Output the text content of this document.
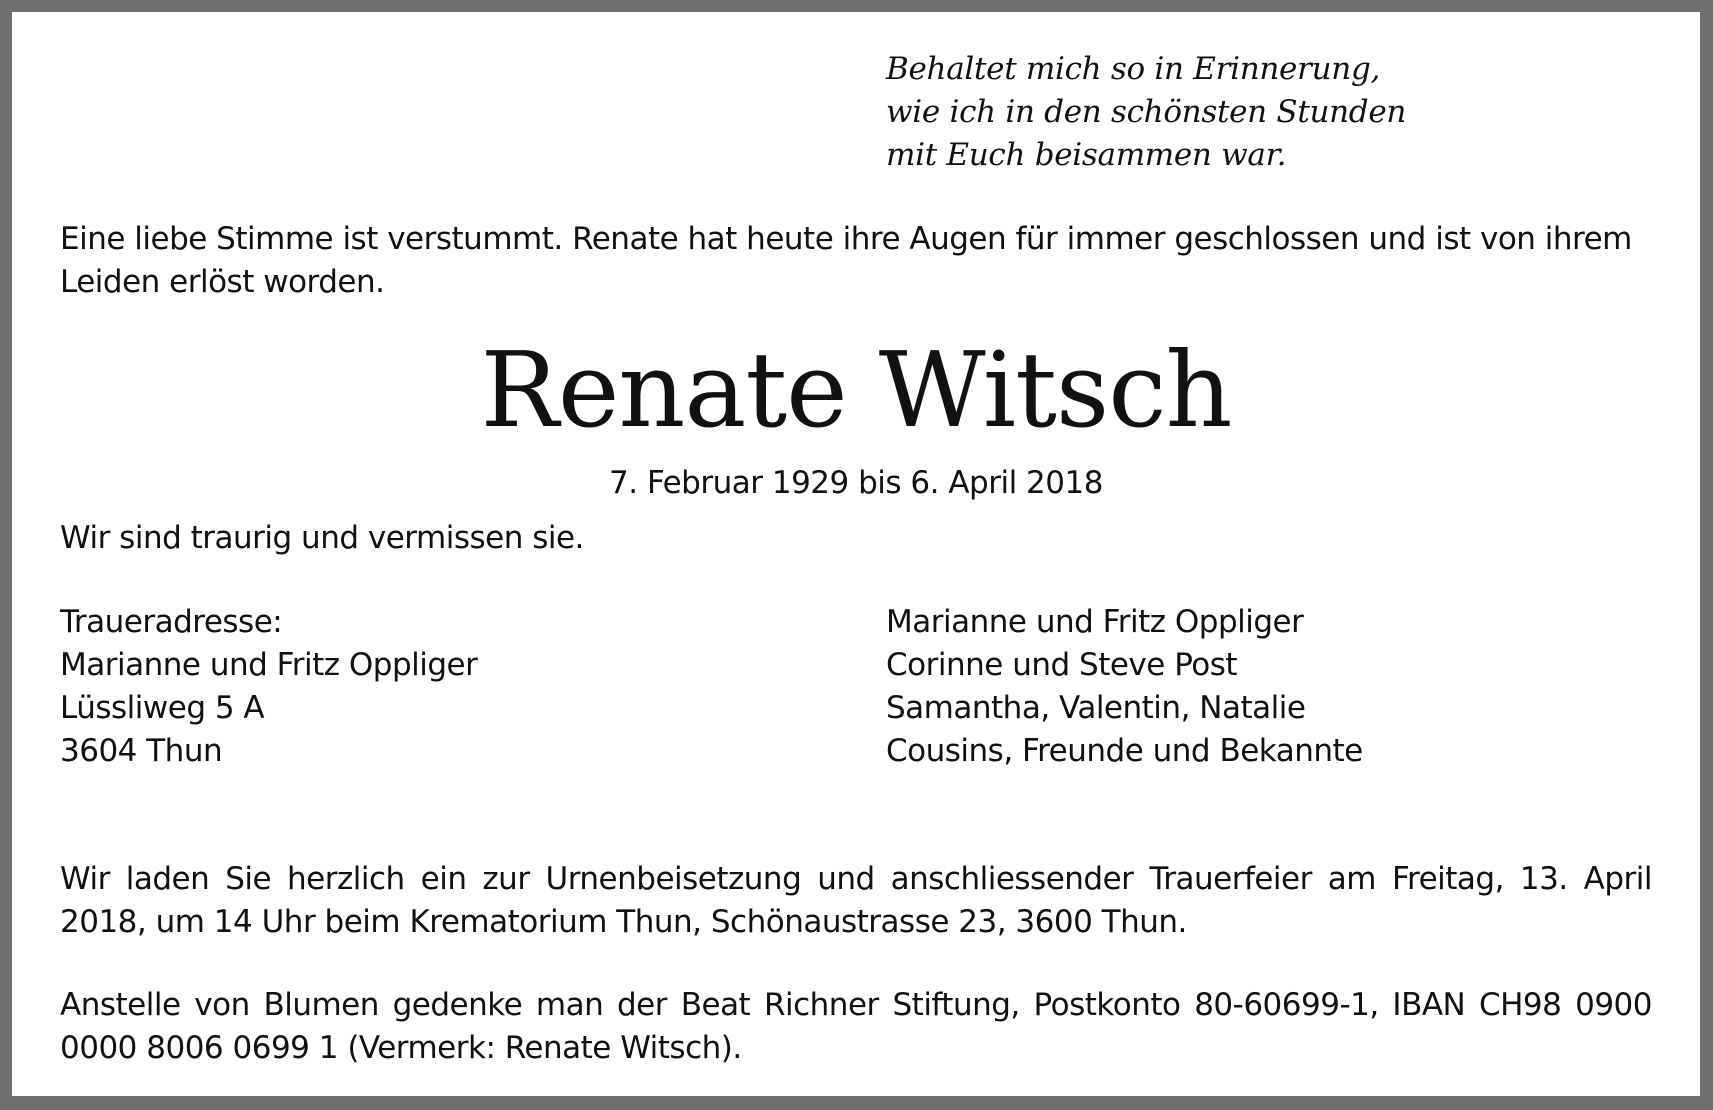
Behaltet mich so in Erinnerung,
wie ich in den schönsten Stunden
mit Euch beisammen war.
Eine liebe Stimme ist verstummt. Renate hat heute ihre Augen für immer geschlossen und ist von ihrem Leiden erlöst worden.
Renate Witsch
7. Februar 1929 bis 6. April 2018
Wir sind traurig und vermissen sie.
Traueradresse:
Marianne und Fritz Oppliger
Lüssliweg 5 A
3604 Thun
Marianne und Fritz Oppliger
Corinne und Steve Post
Samantha, Valentin, Natalie
Cousins, Freunde und Bekannte
Wir laden Sie herzlich ein zur Urnenbeisetzung und anschliessender Trauerfeier am Freitag, 13. April 2018, um 14 Uhr beim Krematorium Thun, Schönaustrasse 23, 3600 Thun.
Anstelle von Blumen gedenke man der Beat Richner Stiftung, Postkonto 80-60699-1, IBAN CH98 0900 0000 8006 0699 1 (Vermerk: Renate Witsch).
